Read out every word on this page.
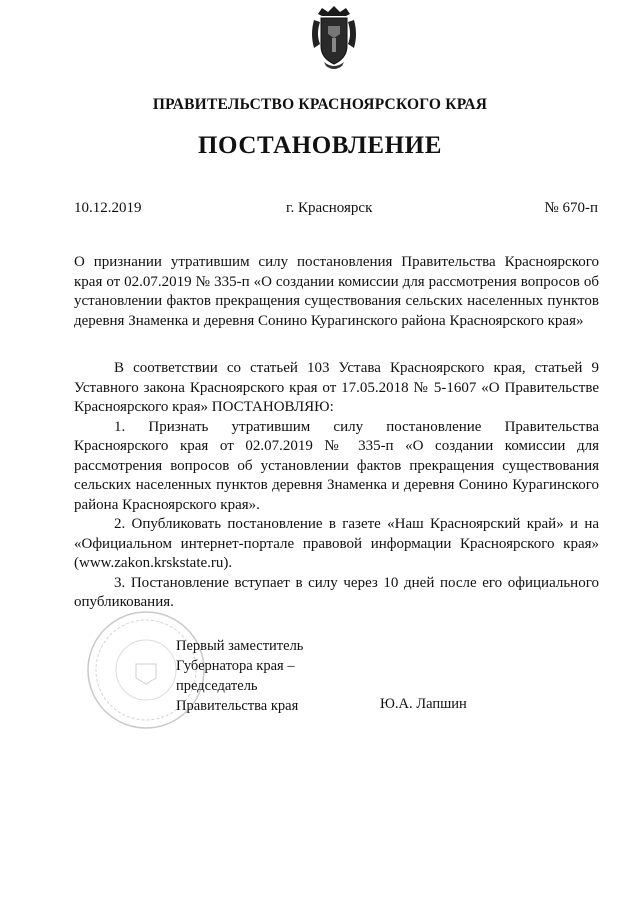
ПРАВИТЕЛЬСТВО КРАСНОЯРСКОГО КРАЯ
ПОСТАНОВЛЕНИЕ
10.12.2019	г. Красноярск	№ 670-п
О признании утратившим силу постановления Правительства Красноярского края от 02.07.2019 № 335-п «О создании комиссии для рассмотрения вопросов об установлении фактов прекращения существования сельских населенных пунктов деревня Знаменка и деревня Сонино Курагинского района Красноярского края»

В соответствии со статьей 103 Устава Красноярского края, статьей 9 Уставного закона Красноярского края от 17.05.2018 № 5-1607 «О Правительстве Красноярского края» ПОСТАНОВЛЯЮ:

1. Признать утратившим силу постановление Правительства Красноярского края от 02.07.2019 № 335-п «О создании комиссии для рассмотрения вопросов об установлении фактов прекращения существования сельских населенных пунктов деревня Знаменка и деревня Сонино Курагинского района Красноярского края».

2. Опубликовать постановление в газете «Наш Красноярский край» и на «Официальном интернет-портале правовой информации Красноярского края» (www.zakon.krskstate.ru).

3. Постановление вступает в силу через 10 дней после его официального опубликования.

Первый заместитель
Губернатора края –
председатель
Правительства края	Ю.А. Лапшин
